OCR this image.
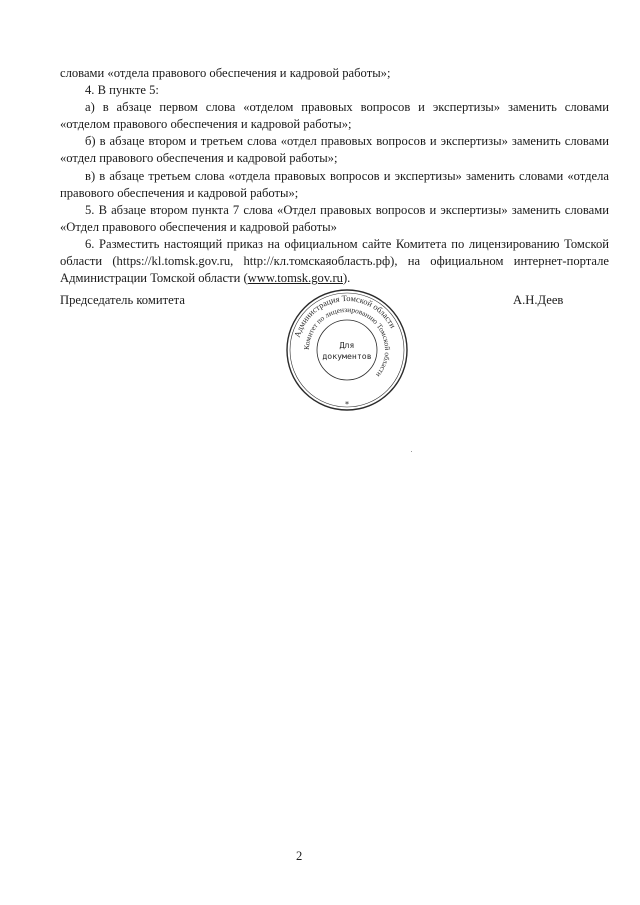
словами «отдела правового обеспечения и кадровой работы»;

4. В пункте 5:

а) в абзаце первом слова «отделом правовых вопросов и экспертизы» заменить словами «отделом правового обеспечения и кадровой работы»;

б) в абзаце втором и третьем слова «отдел правовых вопросов и экспертизы» заменить словами «отдел правового обеспечения и кадровой работы»;

в) в абзаце третьем слова «отдела правовых вопросов и экспертизы» заменить словами «отдела правового обеспечения и кадровой работы»;

5. В абзаце втором пункта 7 слова «Отдел правовых вопросов и экспертизы» заменить словами «Отдел правового обеспечения и кадровой работы»

6. Разместить настоящий приказ на официальном сайте Комитета по лицензированию Томской области (https://kl.tomsk.gov.ru, http://кл.томскаяобласть.рф), на официальном интернет-портале Администрации Томской области (www.tomsk.gov.ru).

Председатель комитета	А.Н.Деев

Администрация Томской области
Комитет по лицензированию Томской области
Для
документов
*

2
